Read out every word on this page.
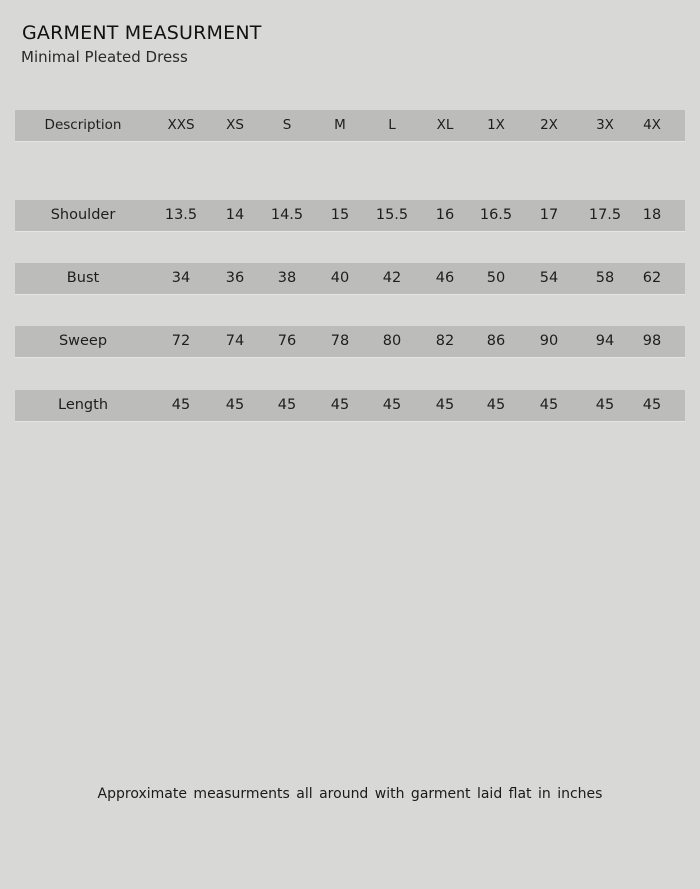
GARMENT MEASURMENT
Minimal Pleated Dress
Description	XXS XS	S	M	L	XL 1X	2X	3X 4X
Shoulder	13.5 14 14.5 15 15.5 16 16.5 17 17.5 18
Bust	34 36 38 40 42 46 50 54	58 62
Sweep	72 74 76 78 80 82 86 90	94 98
Length	45 45 45 45 45 45 45 45	45 45
Approximate measurments all around with garment laid flat in inches
